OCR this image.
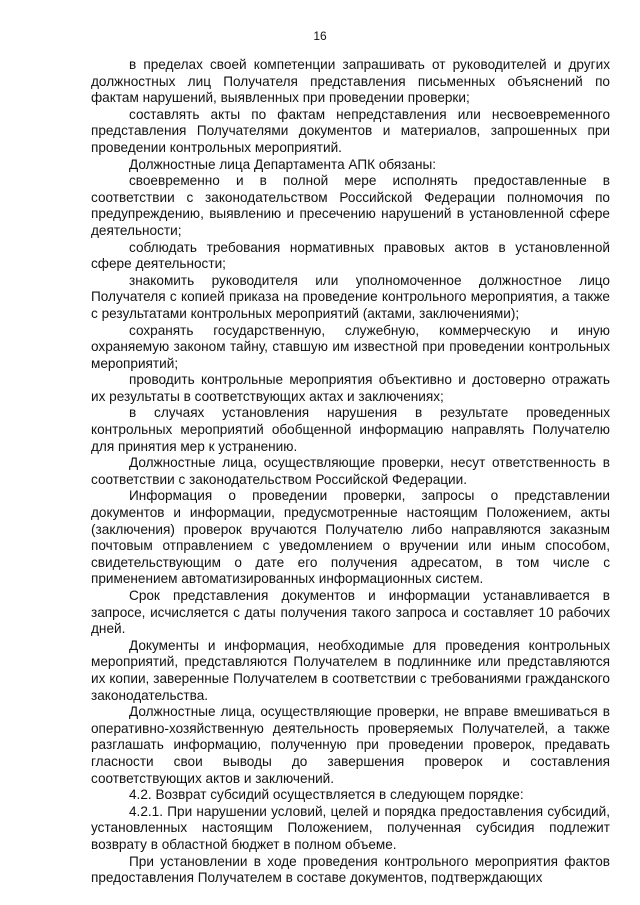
16

в пределах своей компетенции запрашивать от руководителей и других должностных лиц Получателя представления письменных объяснений по фактам нарушений, выявленных при проведении проверки;

составлять акты по фактам непредставления или несвоевременного представления Получателями документов и материалов, запрошенных при проведении контрольных мероприятий.

Должностные лица Департамента АПК обязаны:

своевременно и в полной мере исполнять предоставленные в соответствии с законодательством Российской Федерации полномочия по предупреждению, выявлению и пресечению нарушений в установленной сфере деятельности;

соблюдать требования нормативных правовых актов в установленной сфере деятельности;

знакомить руководителя или уполномоченное должностное лицо Получателя с копией приказа на проведение контрольного мероприятия, а также с результатами контрольных мероприятий (актами, заключениями);

сохранять государственную, служебную, коммерческую и иную охраняемую законом тайну, ставшую им известной при проведении контрольных мероприятий;

проводить контрольные мероприятия объективно и достоверно отражать их результаты в соответствующих актах и заключениях;

в случаях установления нарушения в результате проведенных контрольных мероприятий обобщенной информацию направлять Получателю для принятия мер к устранению.

Должностные лица, осуществляющие проверки, несут ответственность в соответствии с законодательством Российской Федерации.

Информация о проведении проверки, запросы о представлении документов и информации, предусмотренные настоящим Положением, акты (заключения) проверок вручаются Получателю либо направляются заказным почтовым отправлением с уведомлением о вручении или иным способом, свидетельствующим о дате его получения адресатом, в том числе с применением автоматизированных информационных систем.

Срок представления документов и информации устанавливается в запросе, исчисляется с даты получения такого запроса и составляет 10 рабочих дней.

Документы и информация, необходимые для проведения контрольных мероприятий, представляются Получателем в подлиннике или представляются их копии, заверенные Получателем в соответствии с требованиями гражданского законодательства.

Должностные лица, осуществляющие проверки, не вправе вмешиваться в оперативно-хозяйственную деятельность проверяемых Получателей, а также разглашать информацию, полученную при проведении проверок, предавать гласности свои выводы до завершения проверок и составления соответствующих актов и заключений.

4.2. Возврат субсидий осуществляется в следующем порядке:

4.2.1. При нарушении условий, целей и порядка предоставления субсидий, установленных настоящим Положением, полученная субсидия подлежит возврату в областной бюджет в полном объеме.

При установлении в ходе проведения контрольного мероприятия фактов предоставления Получателем в составе документов, подтверждающих
